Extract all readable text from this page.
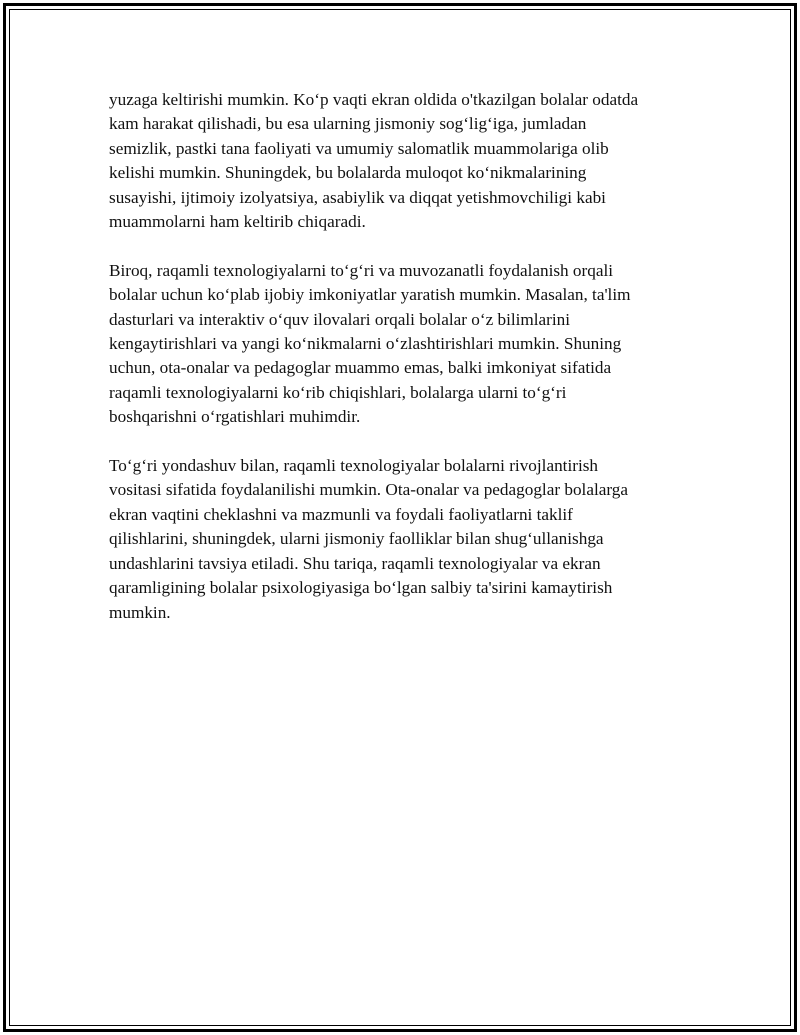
yuzaga keltirishi mumkin. Ko‘p vaqti ekran oldida o'tkazilgan bolalar odatda
kam harakat qilishadi, bu esa ularning jismoniy sog‘lig‘iga, jumladan
semizlik, pastki tana faoliyati va umumiy salomatlik muammolariga olib
kelishi mumkin. Shuningdek, bu bolalarda muloqot ko‘nikmalarining
susayishi, ijtimoiy izolyatsiya, asabiylik va diqqat yetishmovchiligi kabi
muammolarni ham keltirib chiqaradi.

Biroq, raqamli texnologiyalarni to‘g‘ri va muvozanatli foydalanish orqali
bolalar uchun ko‘plab ijobiy imkoniyatlar yaratish mumkin. Masalan, ta'lim
dasturlari va interaktiv o‘quv ilovalari orqali bolalar o‘z bilimlarini
kengaytirishlari va yangi ko‘nikmalarni o‘zlashtirishlari mumkin. Shuning
uchun, ota-onalar va pedagoglar muammo emas, balki imkoniyat sifatida
raqamli texnologiyalarni ko‘rib chiqishlari, bolalarga ularni to‘g‘ri
boshqarishni o‘rgatishlari muhimdir.

To‘g‘ri yondashuv bilan, raqamli texnologiyalar bolalarni rivojlantirish
vositasi sifatida foydalanilishi mumkin. Ota-onalar va pedagoglar bolalarga
ekran vaqtini cheklashni va mazmunli va foydali faoliyatlarni taklif
qilishlarini, shuningdek, ularni jismoniy faolliklar bilan shug‘ullanishga
undashlarini tavsiya etiladi. Shu tariqa, raqamli texnologiyalar va ekran
qaramligining bolalar psixologiyasiga bo‘lgan salbiy ta'sirini kamaytirish
mumkin.
